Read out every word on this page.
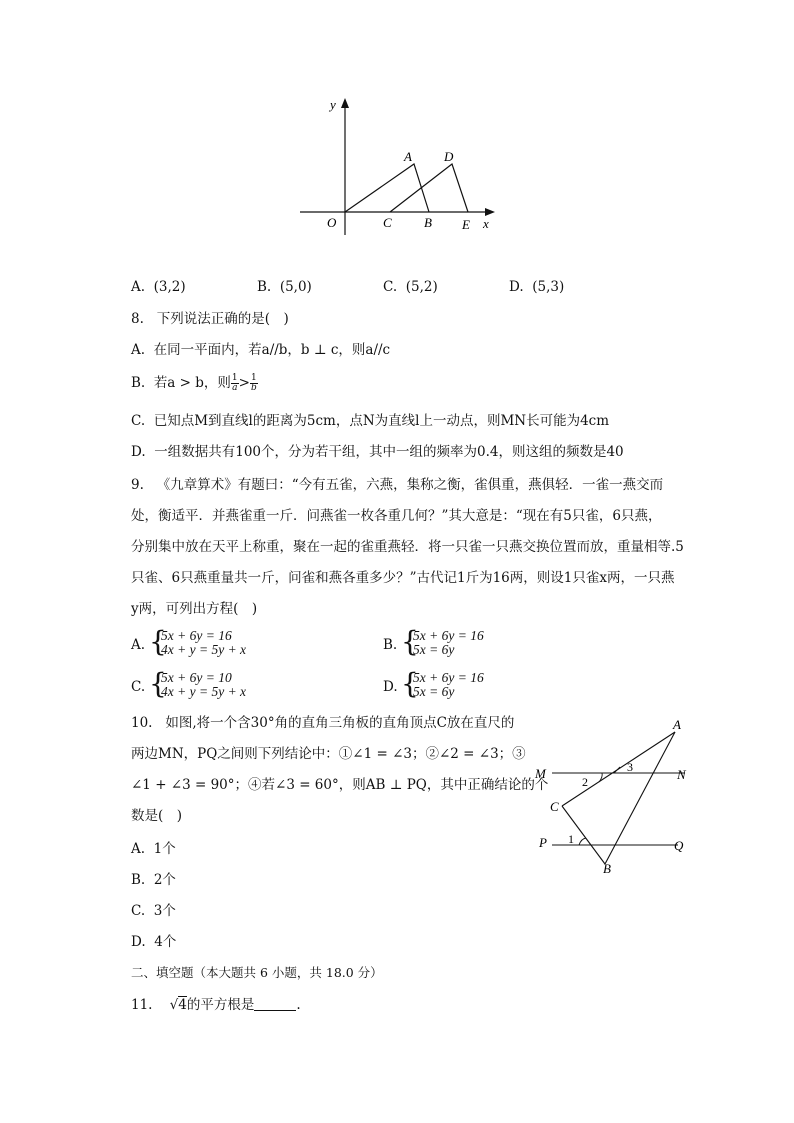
y
x
O
A D
C B E
A. (3,2)	B. (5,0)	C. (5,2)	D. (5,3)
8. 下列说法正确的是(　)
A. 在同一平面内，若a//b，b ⊥ c，则a//c
B. 若a > b，则 $\frac{1}{a} > \frac{1}{b}$
C. 已知点M到直线l的距离为5cm，点N为直线l上一动点，则MN长可能为4cm
D. 一组数据共有100个，分为若干组，其中一组的频率为0.4，则这组的频数是40
9. 《九章算术》有题曰：“今有五雀，六燕，集称之衡，雀俱重，燕俱轻．一雀一燕交而
处，衡适平．并燕雀重一斤．问燕雀一枚各重几何？”其大意是：“现在有5只雀，6只燕，
分别集中放在天平上称重，聚在一起的雀重燕轻．将一只雀一只燕交换位置而放，重量相等.5
只雀、6只燕重量共一斤，问雀和燕各重多少？”古代记1斤为16两，则设1只雀x两，一只燕
y两，可列出方程(　)
A. {
5x + 6y = 16
4x + y = 5y + x	B. {
5x + 6y = 16
5x = 6y
C. {
5x + 6y = 10
4x + y = 5y + x	D. {
5x + 6y = 16
5x = 6y
10. 如图,将一个含30°角的直角三角板的直角顶点C放在直尺的
两边MN，PQ之间则下列结论中：①∠1 = ∠3；②∠2 = ∠3；③
∠1 + ∠3 = 90°；④若∠3 = 60°，则AB ⊥ PQ，其中正确结论的个
数是(　)
A
M	N
C
P	Q
B
1
2
3
A. 1个
B. 2个
C. 3个
D. 4个
二、填空题（本大题共 6 小题，共 18.0 分）
11. √4的平方根是	.
